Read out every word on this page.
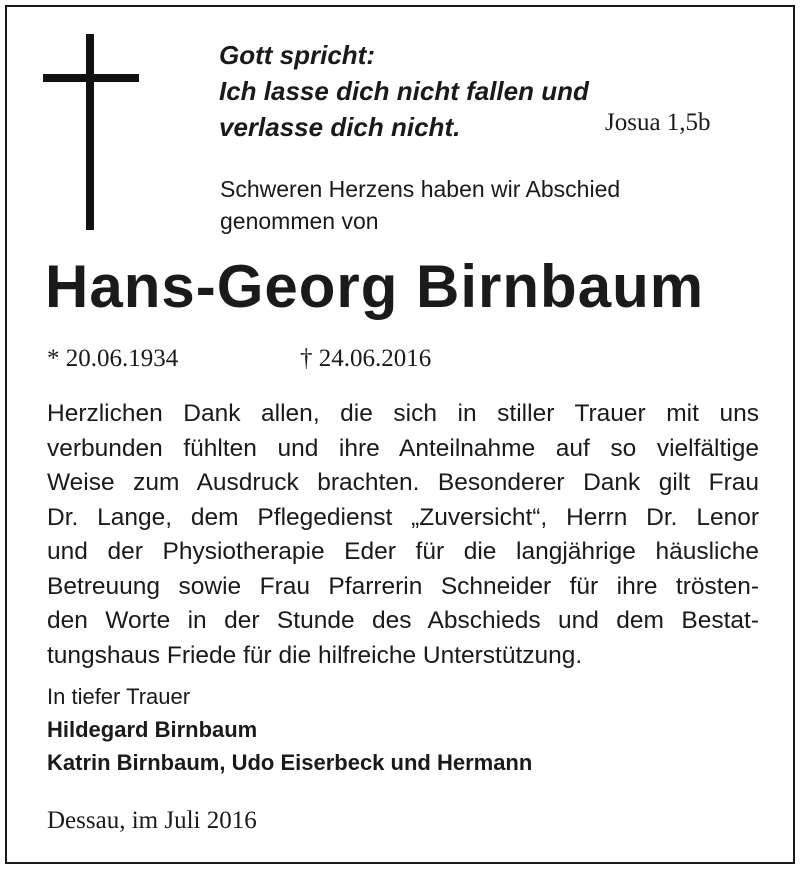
Gott spricht:
Ich lasse dich nicht fallen und
verlasse dich nicht.	Josua 1,5b
Schweren Herzens haben wir Abschied
genommen von
Hans-Georg Birnbaum
* 20.06.1934	† 24.06.2016
Herzlichen Dank allen, die sich in stiller Trauer mit uns
verbunden fühlten und ihre Anteilnahme auf so vielfältige
Weise zum Ausdruck brachten. Besonderer Dank gilt Frau
Dr. Lange, dem Pflegedienst „Zuversicht“, Herrn Dr. Lenor
und der Physiotherapie Eder für die langjährige häusliche
Betreuung sowie Frau Pfarrerin Schneider für ihre trösten-
den Worte in der Stunde des Abschieds und dem Bestat-
tungshaus Friede für die hilfreiche Unterstützung.
In tiefer Trauer
Hildegard Birnbaum
Katrin Birnbaum, Udo Eiserbeck und Hermann
Dessau, im Juli 2016
